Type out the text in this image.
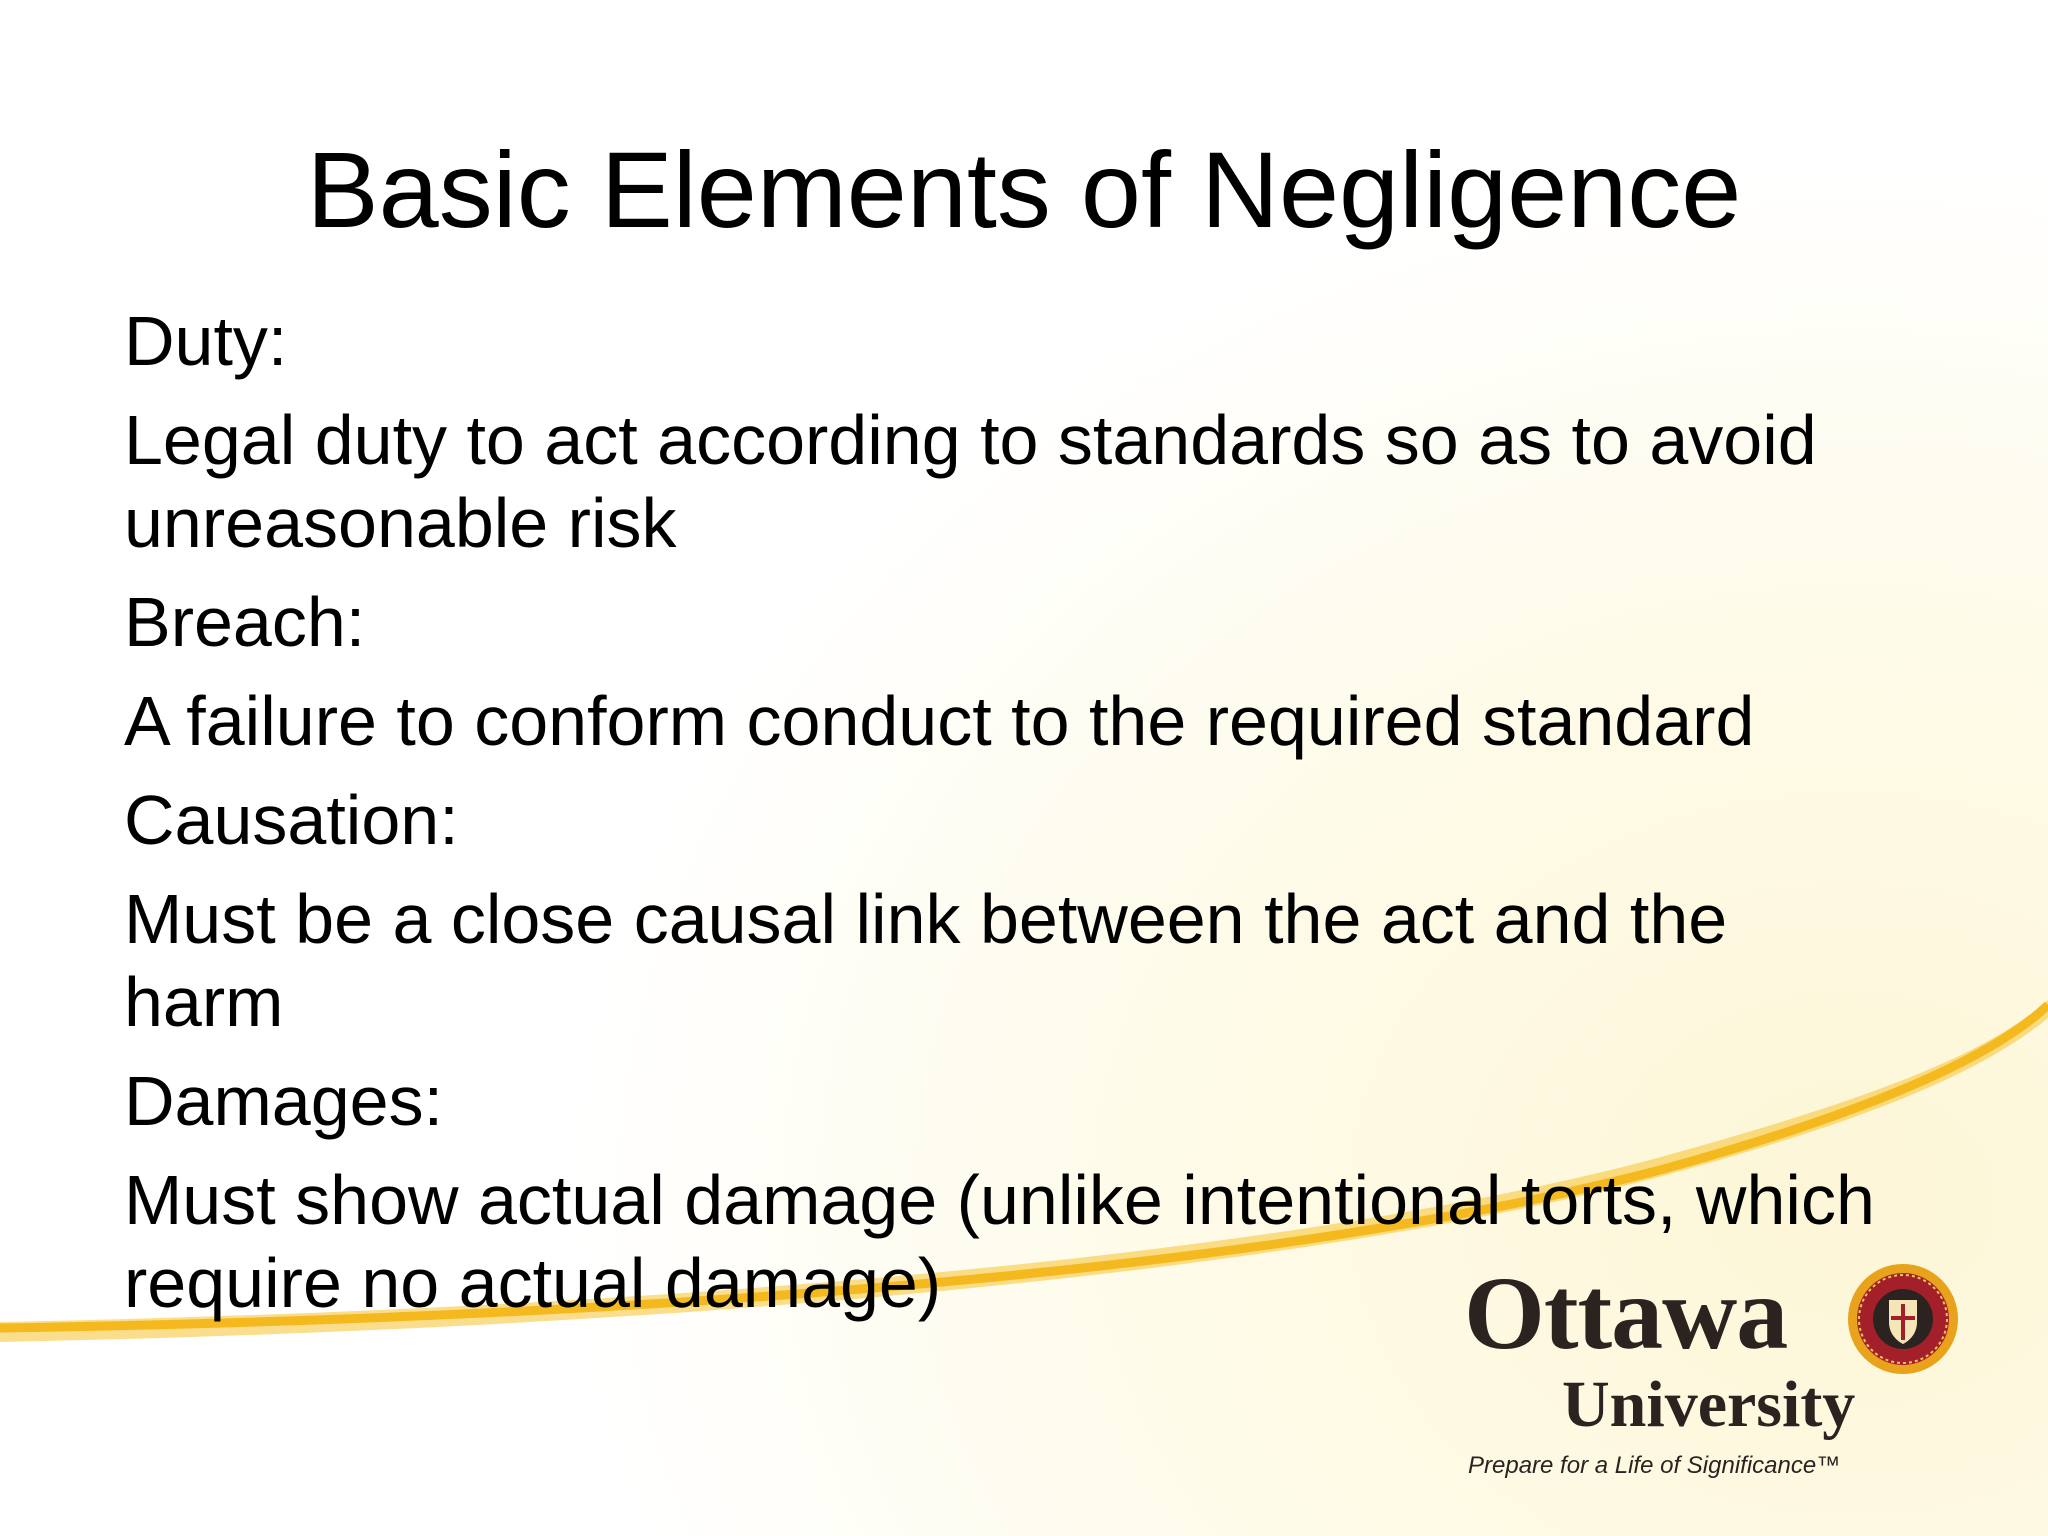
Basic Elements of Negligence
Duty:
Legal duty to act according to standards so as to avoid unreasonable risk
Breach:
A failure to conform conduct to the required standard
Causation:
Must be a close causal link between the act and the harm
Damages:
Must show actual damage (unlike intentional torts, which require no actual damage)	Ottawa
University
Prepare for a Life of Significance™
